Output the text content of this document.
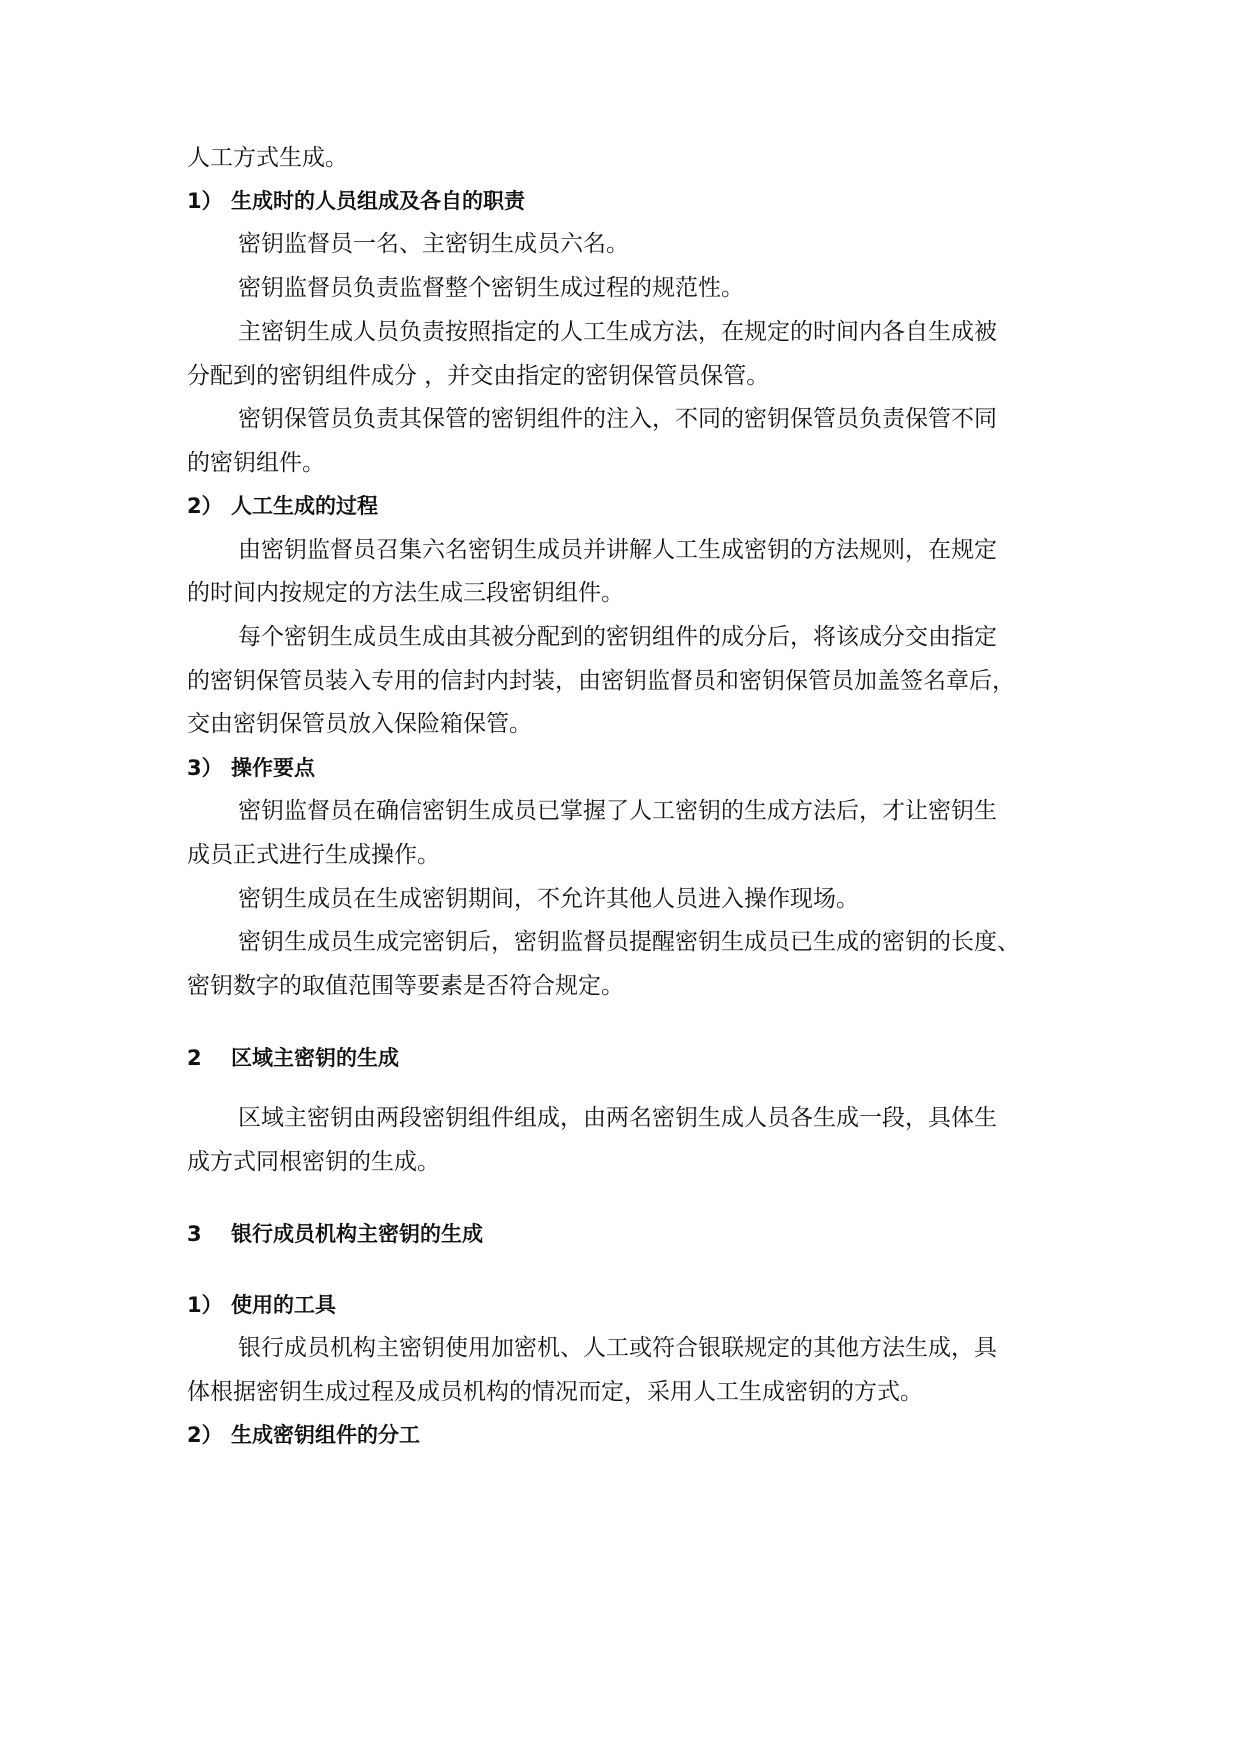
人工方式生成。

1） 生成时的人员组成及各自的职责

密钥监督员一名、主密钥生成员六名。

密钥监督员负责监督整个密钥生成过程的规范性。

主密钥生成人员负责按照指定的人工生成方法，在规定的时间内各自生成被

分配到的密钥组件成分 ，并交由指定的密钥保管员保管。

密钥保管员负责其保管的密钥组件的注入，不同的密钥保管员负责保管不同

的密钥组件。

2） 人工生成的过程

由密钥监督员召集六名密钥生成员并讲解人工生成密钥的方法规则，在规定

的时间内按规定的方法生成三段密钥组件。

每个密钥生成员生成由其被分配到的密钥组件的成分后，将该成分交由指定

的密钥保管员装入专用的信封内封装，由密钥监督员和密钥保管员加盖签名章后，

交由密钥保管员放入保险箱保管。

3） 操作要点

密钥监督员在确信密钥生成员已掌握了人工密钥的生成方法后，才让密钥生

成员正式进行生成操作。

密钥生成员在生成密钥期间，不允许其他人员进入操作现场。

密钥生成员生成完密钥后，密钥监督员提醒密钥生成员已生成的密钥的长度、

密钥数字的取值范围等要素是否符合规定。

2 区域主密钥的生成

区域主密钥由两段密钥组件组成，由两名密钥生成人员各生成一段，具体生

成方式同根密钥的生成。

3 银行成员机构主密钥的生成

1） 使用的工具

银行成员机构主密钥使用加密机、人工或符合银联规定的其他方法生成，具

体根据密钥生成过程及成员机构的情况而定，采用人工生成密钥的方式。

2） 生成密钥组件的分工
